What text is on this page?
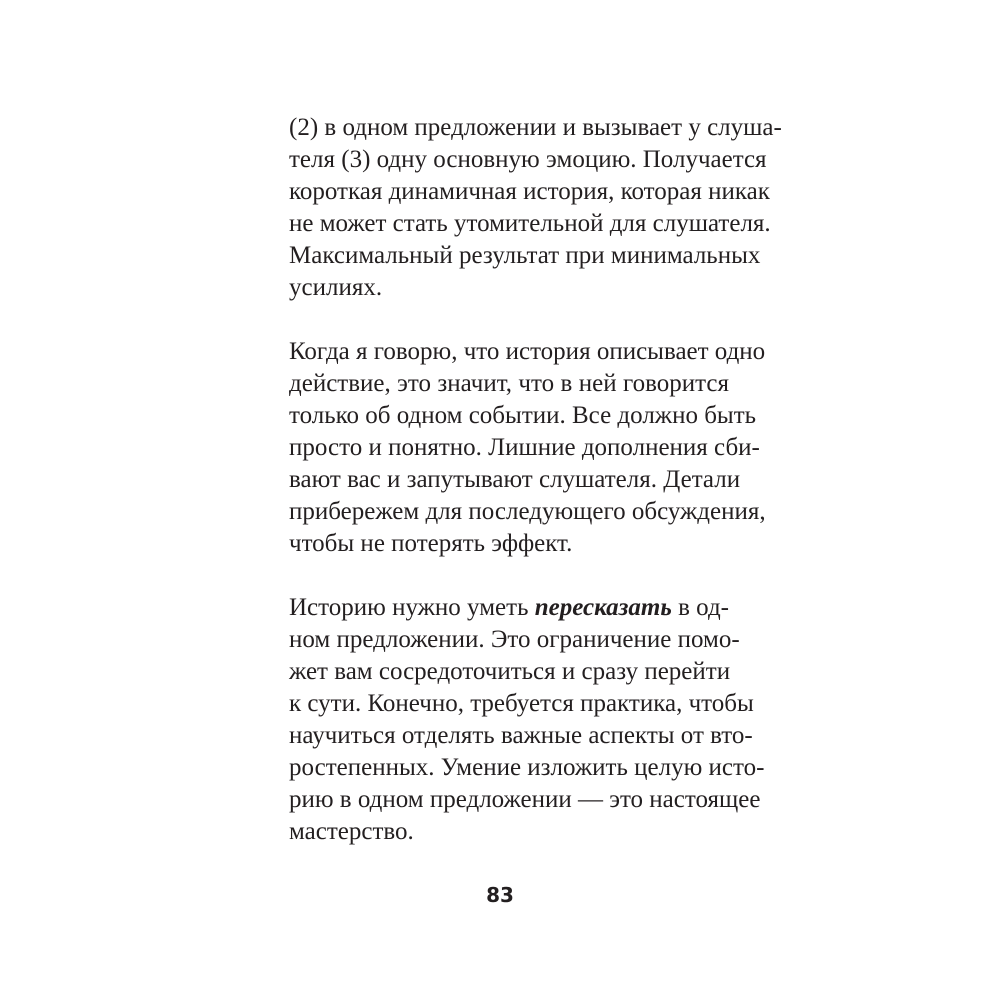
(2) в одном предложении и вызывает у слуша-
теля (3) одну основную эмоцию. Получается
короткая динамичная история, которая никак
не может стать утомительной для слушателя.
Максимальный результат при минимальных
усилиях.
Когда я говорю, что история описывает одно
действие, это значит, что в ней говорится
только об одном событии. Все должно быть
просто и понятно. Лишние дополнения сби-
вают вас и запутывают слушателя. Детали
прибережем для последующего обсуждения,
чтобы не потерять эффект.
Историю нужно уметь пересказать в од-
ном предложении. Это ограничение помо-
жет вам сосредоточиться и сразу перейти
к сути. Конечно, требуется практика, чтобы
научиться отделять важные аспекты от вто-
ростепенных. Умение изложить целую исто-
рию в одном предложении — это настоящее
мастерство.
83
